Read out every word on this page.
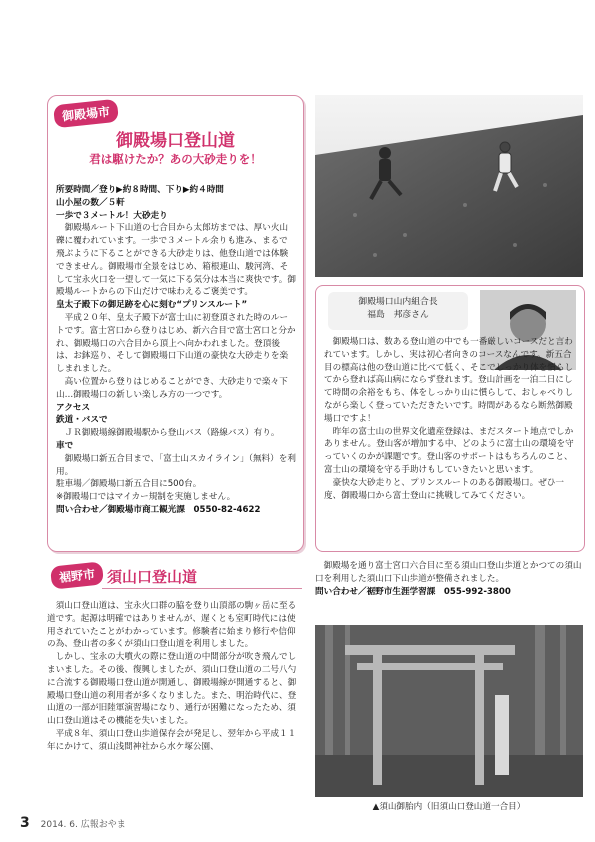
御殿場市
御殿場口登山道
君は駆けたか？あの大砂走りを！
所要時間／登り▶約８時間、下り▶約４時間
山小屋の数／５軒
一歩で３メートル！大砂走り
御殿場ルート下山道の七合目から太郎坊までは、厚い火山礫に覆われています。一歩で３メートル余りも進み、まるで飛ぶように下ることができる大砂走りは、他登山道では体験できません。御殿場市全景をはじめ、箱根連山、駿河湾、そして宝永火口を一望して一気に下る気分は本当に爽快です。御殿場ルートからの下山だけで味わえるご褒美です。
皇太子殿下の御足跡を心に刻む“プリンスルート”
平成２０年、皇太子殿下が富士山に初登頂された時のルートです。富士宮口から登りはじめ、新六合目で富士宮口と分かれ、御殿場口の六合目から頂上へ向かわれました。登頂後は、お鉢巡り、そして御殿場口下山道の豪快な大砂走りを楽しまれました。
高い位置から登りはじめることができ、大砂走りで楽々下山…御殿場口の新しい楽しみ方の一つです。
アクセス
鉄道・バスで
ＪＲ御殿場線御殿場駅から登山バス（路線バス）有り。
車で
御殿場口新五合目まで、「富士山スカイライン」（無料）を利用。
駐車場／御殿場口新五合目に500台。
※御殿場口ではマイカー規制を実施しません。
問い合わせ／御殿場市商工観光課　0550-82-4622
御殿場口山内組合長
福島　邦彦さん
御殿場口は、数ある登山道の中でも一番厳しいコースだと言われています。しかし、実は初心者向きのコースなんです。新五合目の標高は他の登山道に比べて低く、そこでしっかり体を慣らしてから登れば高山病にならず登れます。登山計画を一泊二日にして時間の余裕をもち、体をしっかり山に慣らして、おしゃべりしながら楽しく登っていただきたいです。時間があるなら断然御殿場口ですよ！
昨年の富士山の世界文化遺産登録は、まだスタート地点でしかありません。登山客が増加する中、どのように富士山の環境を守っていくのかが課題です。登山客のサポートはもちろんのこと、富士山の環境を守る手助けもしていきたいと思います。
豪快な大砂走りと、プリンスルートのある御殿場口。ぜひ一度、御殿場口から富士登山に挑戦してみてください。
裾野市 須山口登山道
須山口登山道は、宝永火口群の脇を登り山頂部の駒ヶ岳に至る道です。起源は明確ではありませんが、遅くとも室町時代には使用されていたことがわかっています。修験者に始まり修行や信仰の為、登山者の多くが須山口登山道を利用しました。
しかし、宝永の大噴火の際に登山道の中間部分が吹き飛んでしまいました。その後、復興しましたが、須山口登山道の二号八勺に合流する御殿場口登山道が開通し、御殿場線が開通すると、御殿場口登山道の利用者が多くなりました。また、明治時代に、登山道の一部が旧陸軍演習場になり、通行が困難になったため、須山口登山道はその機能を失いました。
平成８年、須山口登山歩道保存会が発足し、翌年から平成１１年にかけて、須山浅間神社から水ケ塚公園、
御殿場を通り富士宮口六合目に至る須山口登山歩道とかつての須山口を利用した須山口下山歩道が整備されました。
問い合わせ／裾野市生涯学習課　055-992-3800
▲須山御胎内（旧須山口登山道一合目）
3 2014. 6. 広報おやま
